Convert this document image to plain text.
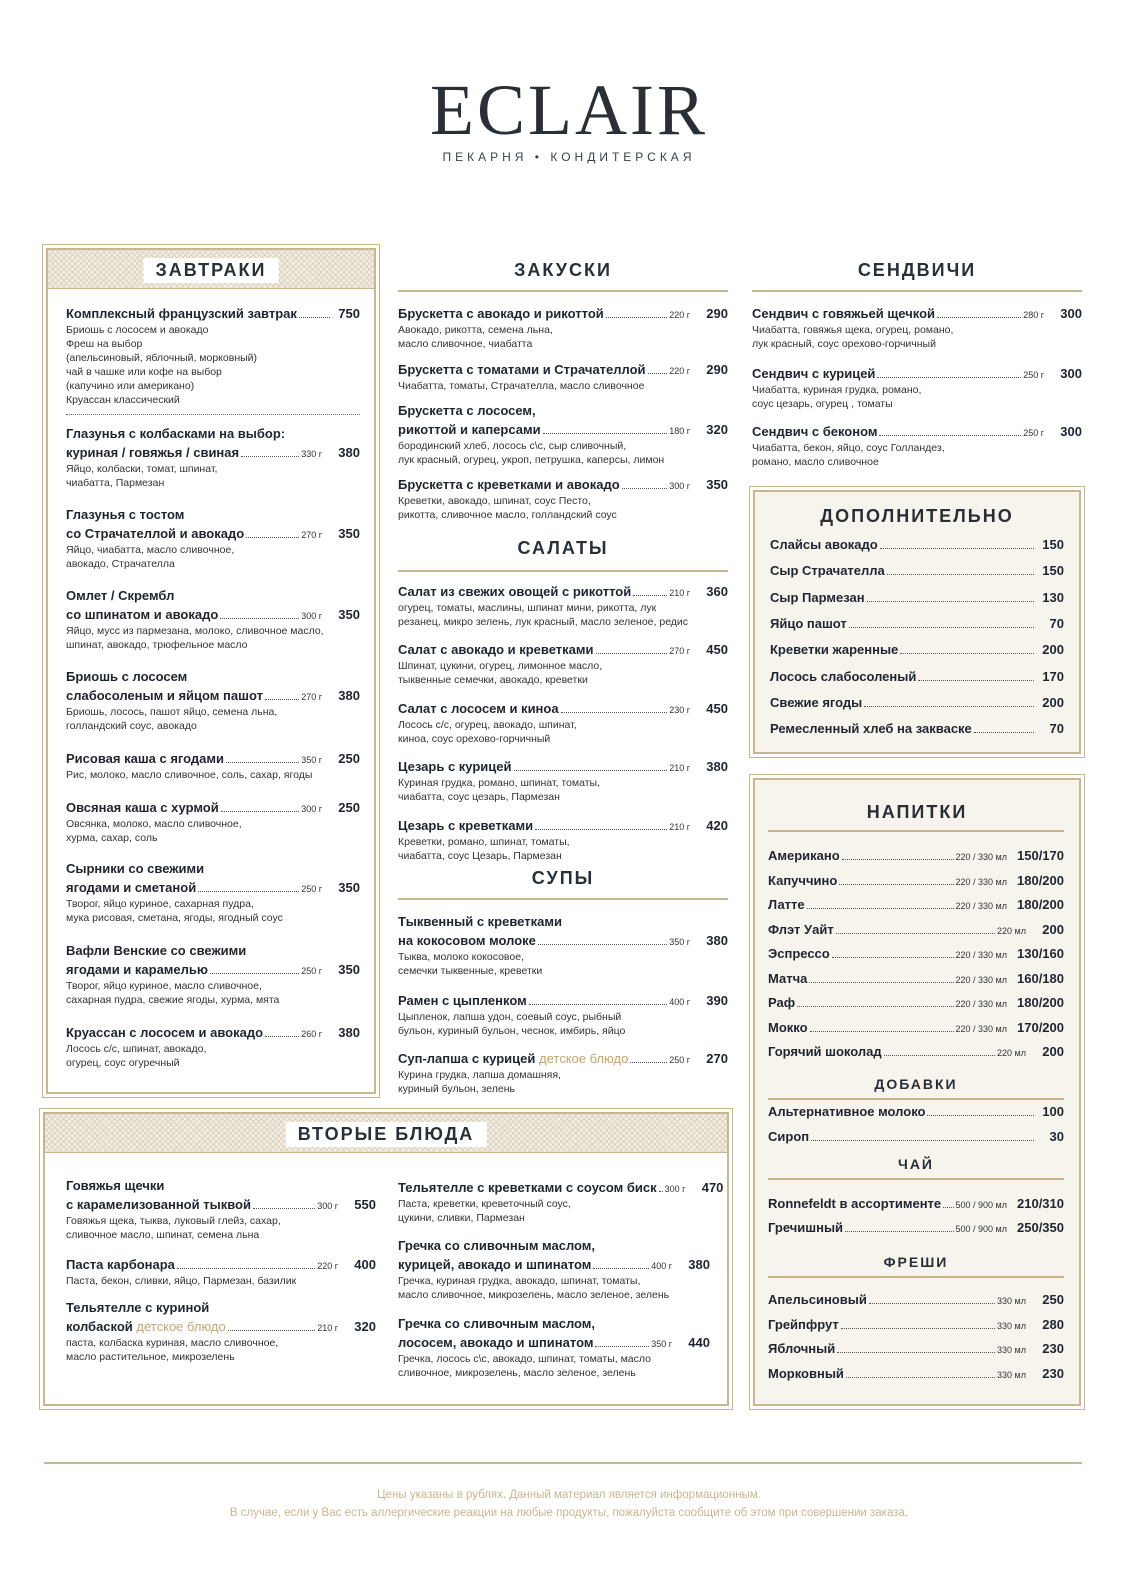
ECLAIR
ПЕКАРНЯ • КОНДИТЕРСКАЯ
ЗАВТРАКИ
Комплексный французский завтрак	750
Бриошь с лососем и авокадо
Фреш на выбор
(апельсиновый, яблочный, морковный)
чай в чашке или кофе на выбор
(капучино или американо)
Круассан классический
Глазунья с колбасками на выбор:
куриная / говяжья / свиная	330 г	380
Яйцо, колбаски, томат, шпинат,
чиабатта, Пармезан
Глазунья с тостом
со Страчателлой и авокадо	270 г	350
Яйцо, чиабатта, масло сливочное,
авокадо, Страчателла
Омлет / Скрембл
со шпинатом и авокадо	300 г	350
Яйцо, мусс из пармезана, молоко, сливочное масло,
шпинат, авокадо, трюфельное масло
Бриошь с лососем
слабосоленым и яйцом пашот	270 г	380
Бриошь, лосось, пашот яйцо, семена льна,
голландский соус, авокадо
Рисовая каша с ягодами	350 г	250
Рис, молоко, масло сливочное, соль, сахар, ягоды
Овсяная каша с хурмой	300 г	250
Овсянка, молоко, масло сливочное,
хурма, сахар, соль
Сырники со свежими
ягодами и сметаной	250 г	350
Творог, яйцо куриное, сахарная пудра,
мука рисовая, сметана, ягоды, ягодный соус
Вафли Венские со свежими
ягодами и карамелью	250 г	350
Творог, яйцо куриное, масло сливочное,
сахарная пудра, свежие ягоды, хурма, мята
Круассан с лососем и авокадо	260 г	380
Лосось с/с, шпинат, авокадо,
огурец, соус огуречный
ВТОРЫЕ БЛЮДА
Говяжья щечки
с карамелизованной тыквой	300 г	550
Говяжья щека, тыква, луковый глейз, сахар,
сливочное масло, шпинат, семена льна
Паста карбонара	220 г	400
Паста, бекон, сливки, яйцо, Пармезан, базилик
Тельятелле с куриной
колбаской детское блюдо	210 г	320
паста, колбаска куриная, масло сливочное,
масло растительное, микрозелень
Тельятелле с креветками с соусом биск 300 г	470
Паста, креветки, креветочный соус,
цукини, сливки, Пармезан
Гречка со сливочным маслом,
курицей, авокадо и шпинатом	400 г	380
Гречка, куриная грудка, авокадо, шпинат, томаты,
масло сливочное, микрозелень, масло зеленое, зелень
Гречка со сливочным маслом,
лососем, авокадо и шпинатом	350 г	440
Гречка, лосось с\с, авокадо, шпинат, томаты, масло
сливочное, микрозелень, масло зеленое, зелень
ЗАКУСКИ
САЛАТЫ
СУПЫ
Брускетта с авокадо и рикоттой	220 г	290
Авокадо, рикотта, семена льна,
масло сливочное, чиабатта
Брускетта с томатами и Страчателлой	220 г	290
Чиабатта, томаты, Страчателла, масло сливочное
Брускетта с лососем,
рикоттой и каперсами	180 г	320
бородинский хлеб, лосось с\с, сыр сливочный,
лук красный, огурец, укроп, петрушка, каперсы, лимон
Брускетта с креветками и авокадо	300 г	350
Креветки, авокадо, шпинат, соус Песто,
рикотта, сливочное масло, голландский соус
Салат из свежих овощей с рикоттой	210 г	360
огурец, томаты, маслины, шпинат мини, рикотта, лук
резанец, микро зелень, лук красный, масло зеленое, редис
Салат с авокадо и креветками	270 г	450
Шпинат, цукини, огурец, лимонное масло,
тыквенные семечки, авокадо, креветки
Салат с лососем и киноа	230 г	450
Лосось с/с, огурец, авокадо, шпинат,
киноа, соус орехово-горчичный
Цезарь с курицей	210 г	380
Куриная грудка, романо, шпинат, томаты,
чиабатта, соус цезарь, Пармезан
Цезарь с креветками	210 г	420
Креветки, романо, шпинат, томаты,
чиабатта, соус Цезарь, Пармезан
Тыквенный с креветками
на кокосовом молоке	350 г	380
Тыква, молоко кокосовое,
семечки тыквенные, креветки
Рамен с цыпленком	400 г	390
Цыпленок, лапша удон, соевый соус, рыбный
бульон, куриный бульон, чеснок, имбирь, яйцо
Суп-лапша с курицей детское блюдо	250 г	270
Курина грудка, лапша домашняя,
куриный бульон, зелень
СЕНДВИЧИ
Сендвич с говяжьей щечкой	280 г	300
Чиабатта, говяжья щека, огурец, романо,
лук красный, соус орехово-горчичный
Сендвич с курицей	250 г	300
Чиабатта, куриная грудка, романо,
соус цезарь, огурец , томаты
Сендвич с беконом	250 г	300
Чиабатта, бекон, яйцо, соус Голландез,
романо, масло сливочное
ДОПОЛНИТЕЛЬНО
Слайсы авокадо	150
Сыр Страчателла	150
Сыр Пармезан	130
Яйцо пашот	70
Креветки жаренные	200
Лосось слабосоленый	170
Свежие ягоды	200
Ремесленный хлеб на закваске	70
НАПИТКИ
ДОБАВКИ
ЧАЙ
ФРЕШИ
Американо	220 / 330 мл 150/170
Капуччино	220 / 330 мл 180/200
Латте	220 / 330 мл 180/200
Флэт Уайт	220 мл	200
Эспрессо	220 / 330 мл 130/160
Матча	220 / 330 мл 160/180
Раф	220 / 330 мл 180/200
Мокко	220 / 330 мл 170/200
Горячий шоколад	220 мл	200
Альтернативное молоко	100
Сироп	30
Ronnefeldt в ассортименте 500 / 900 мл 210/310
Гречишный	500 / 900 мл 250/350
Апельсиновый	330 мл	250
Грейпфрут	330 мл	280
Яблочный	330 мл	230
Морковный	330 мл	230
Цены указаны в рублях. Данный материал является информационным.
В случае, если у Вас есть аллергические реакции на любые продукты, пожалуйста сообщите об этом при совершении заказа.
